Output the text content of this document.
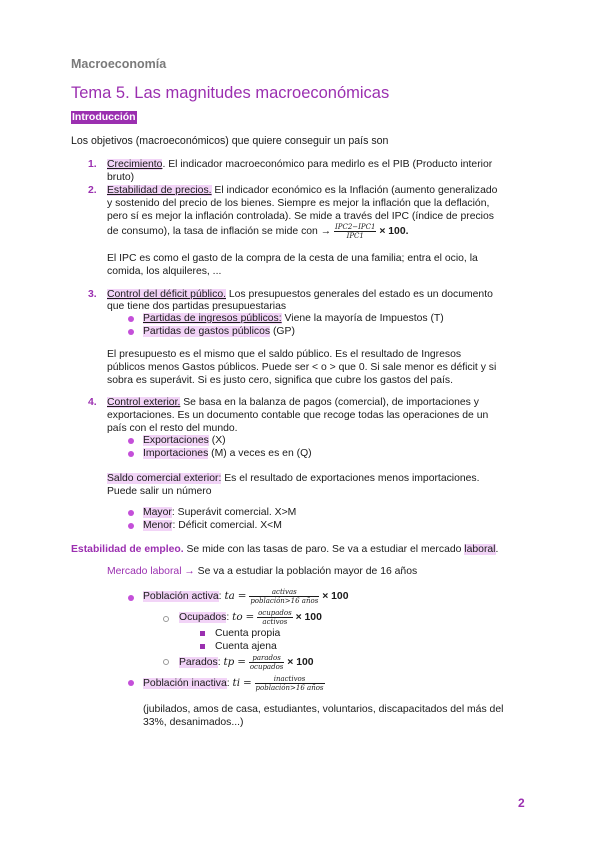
Macroeconomía
Tema 5. Las magnitudes macroeconómicas
Introducción
Los objetivos (macroeconómicos) que quiere conseguir un país son
1. Crecimiento. El indicador macroeconómico para medirlo es el PIB (Producto interior
bruto)
2. Estabilidad de precios. El indicador económico es la Inflación (aumento generalizado
y sostenido del precio de los bienes. Siempre es mejor la inflación que la deflación,
pero sí es mejor la inflación controlada). Se mide a través del IPC (índice de precios
de consumo), la tasa de inflación se mide con → $\frac{\text{IPC2−IPC1}}{\text{IPC1}} \times 100$.
El IPC es como el gasto de la compra de la cesta de una familia; entra el ocio, la
comida, los alquileres, ...
3. Control del déficit público. Los presupuestos generales del estado es un documento
que tiene dos partidas presupuestarias
Partidas de ingresos públicos: Viene la mayoría de Impuestos (T)
Partidas de gastos públicos (GP)
El presupuesto es el mismo que el saldo público. Es el resultado de Ingresos
públicos menos Gastos públicos. Puede ser < o > que 0. Si sale menor es déficit y si
sobra es superávit. Si es justo cero, significa que cubre los gastos del país.
4. Control exterior. Se basa en la balanza de pagos (comercial), de importaciones y
exportaciones. Es un documento contable que recoge todas las operaciones de un
país con el resto del mundo.
Exportaciones (X)
Importaciones (M) a veces es en (Q)
Saldo comercial exterior: Es el resultado de exportaciones menos importaciones.
Puede salir un número
Mayor: Superávit comercial. X>M
Menor: Déficit comercial. X<M
Estabilidad de empleo. Se mide con las tasas de paro. Se va a estudiar el mercado laboral.
Mercado laboral → Se va a estudiar la población mayor de 16 años
Población activa: ta = $\frac{\text{activas}}{\text{población>16 años}} \times 100$
Ocupados: to = $\frac{\text{ocupados}}{\text{activos}} \times 100$
Cuenta propia
Cuenta ajena
Parados: tp = $\frac{\text{parados}}{\text{ocupados}} \times 100$
Población inactiva: ti = $\frac{\text{inactivos}}{\text{población>16 años}}$
(jubilados, amos de casa, estudiantes, voluntarios, discapacitados del más del
33%, desanimados...)
2
